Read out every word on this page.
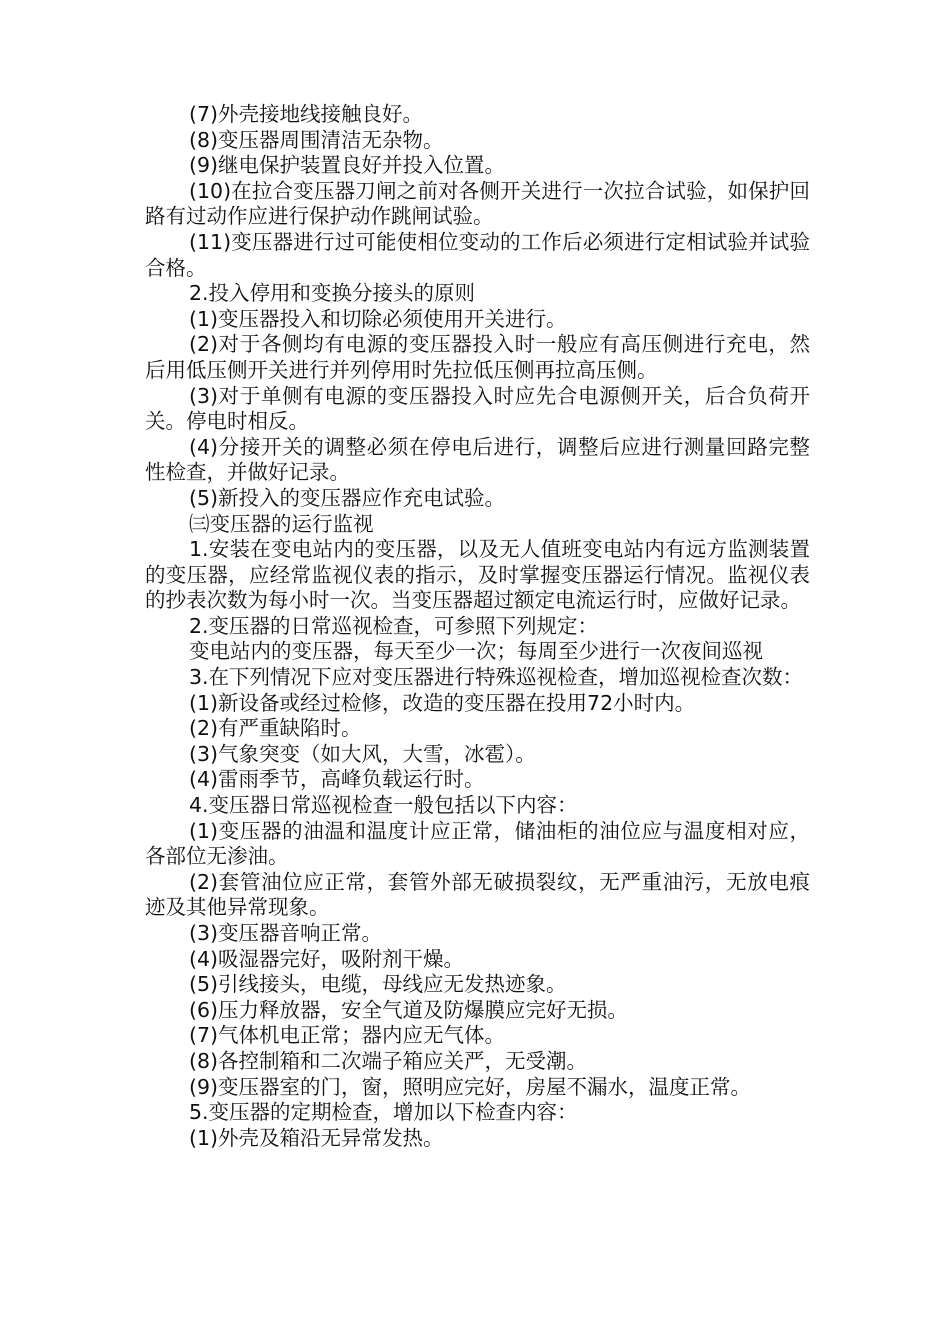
(7)外壳接地线接触良好。

(8)变压器周围清洁无杂物。

(9)继电保护装置良好并投入位置。

(10)在拉合变压器刀闸之前对各侧开关进行一次拉合试验，如保护回路有过动作应进行保护动作跳闸试验。

(11)变压器进行过可能使相位变动的工作后必须进行定相试验并试验合格。

2.投入停用和变换分接头的原则

(1)变压器投入和切除必须使用开关进行。

(2)对于各侧均有电源的变压器投入时一般应有高压侧进行充电，然后用低压侧开关进行并列停用时先拉低压侧再拉高压侧。

(3)对于单侧有电源的变压器投入时应先合电源侧开关，后合负荷开关。停电时相反。

(4)分接开关的调整必须在停电后进行，调整后应进行测量回路完整性检查，并做好记录。

(5)新投入的变压器应作充电试验。

㈢变压器的运行监视

1.安装在变电站内的变压器，以及无人值班变电站内有远方监测装置的变压器，应经常监视仪表的指示，及时掌握变压器运行情况。监视仪表的抄表次数为每小时一次。当变压器超过额定电流运行时，应做好记录。

2.变压器的日常巡视检查，可参照下列规定：

变电站内的变压器，每天至少一次；每周至少进行一次夜间巡视

3.在下列情况下应对变压器进行特殊巡视检查，增加巡视检查次数：

(1)新设备或经过检修，改造的变压器在投用72小时内。

(2)有严重缺陷时。

(3)气象突变（如大风，大雪，冰雹）。

(4)雷雨季节，高峰负载运行时。

4.变压器日常巡视检查一般包括以下内容：

(1)变压器的油温和温度计应正常，储油柜的油位应与温度相对应，各部位无渗油。

(2)套管油位应正常，套管外部无破损裂纹，无严重油污，无放电痕迹及其他异常现象。

(3)变压器音响正常。

(4)吸湿器完好，吸附剂干燥。

(5)引线接头，电缆，母线应无发热迹象。

(6)压力释放器，安全气道及防爆膜应完好无损。

(7)气体机电正常；器内应无气体。

(8)各控制箱和二次端子箱应关严，无受潮。

(9)变压器室的门，窗，照明应完好，房屋不漏水，温度正常。

5.变压器的定期检查，增加以下检查内容：

(1)外壳及箱沿无异常发热。
